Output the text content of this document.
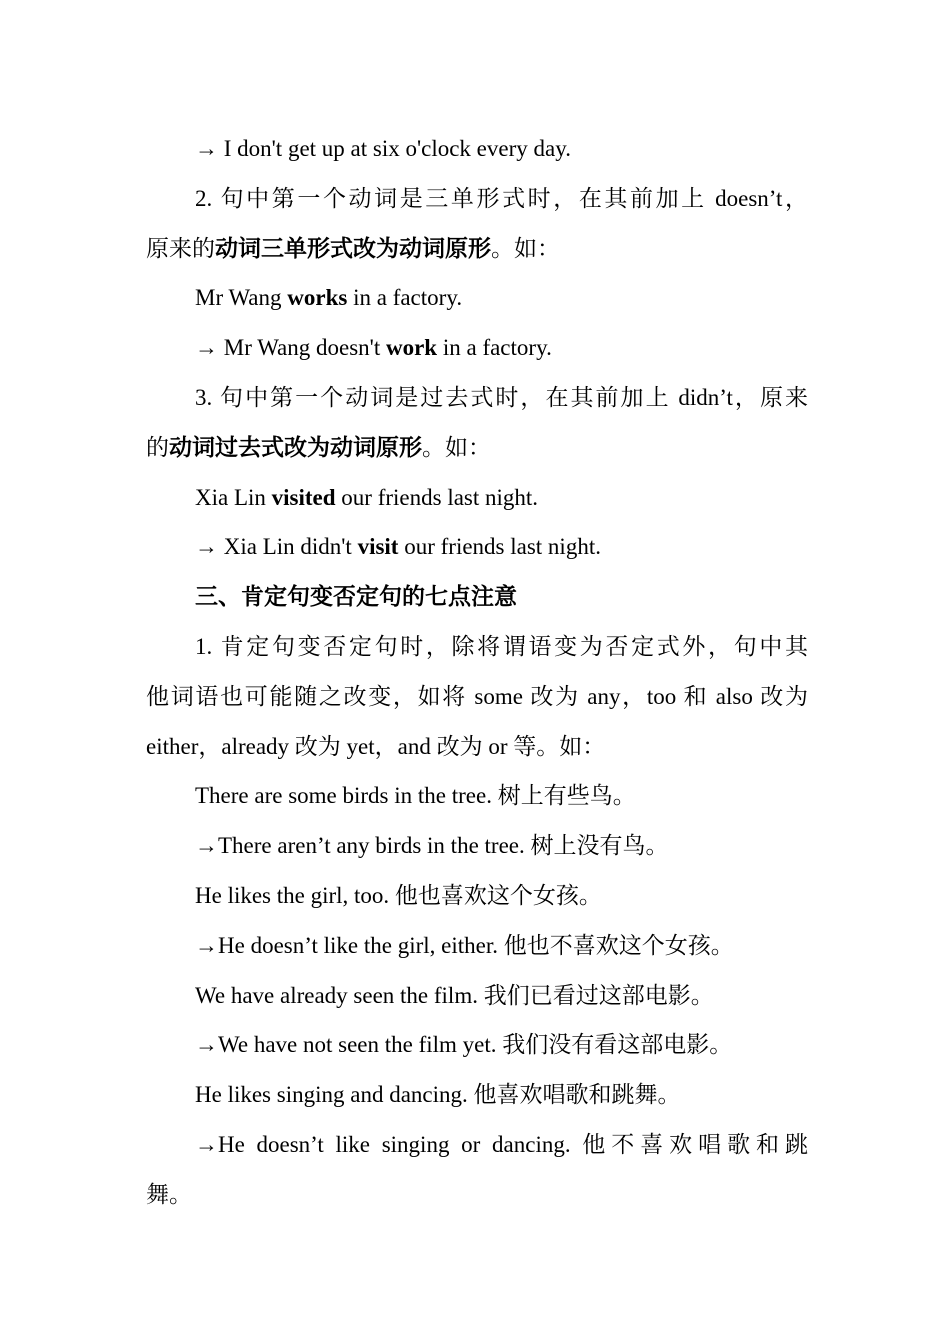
→ I don't get up at six o'clock every day.

2. 句中第一个动词是三单形式时，在其前加上 doesn’t，

原来的动词三单形式改为动词原形。如：

Mr Wang works in a factory.

→ Mr Wang doesn't work in a factory.

3. 句中第一个动词是过去式时，在其前加上 didn’t，原来

的动词过去式改为动词原形。如：

Xia Lin visited our friends last night.

→ Xia Lin didn't visit our friends last night.

三、肯定句变否定句的七点注意

1. 肯定句变否定句时，除将谓语变为否定式外，句中其

他词语也可能随之改变，如将 some 改为 any，too 和 also 改为

either，already 改为 yet，and 改为 or 等。如：

There are some birds in the tree. 树上有些鸟。

→There aren’t any birds in the tree. 树上没有鸟。

He likes the girl, too. 他也喜欢这个女孩。

→He doesn’t like the girl, either. 他也不喜欢这个女孩。

We have already seen the film. 我们已看过这部电影。

→We have not seen the film yet. 我们没有看这部电影。

He likes singing and dancing. 他喜欢唱歌和跳舞。

→He doesn’t like singing or dancing. 他不喜欢唱歌和跳

舞。
